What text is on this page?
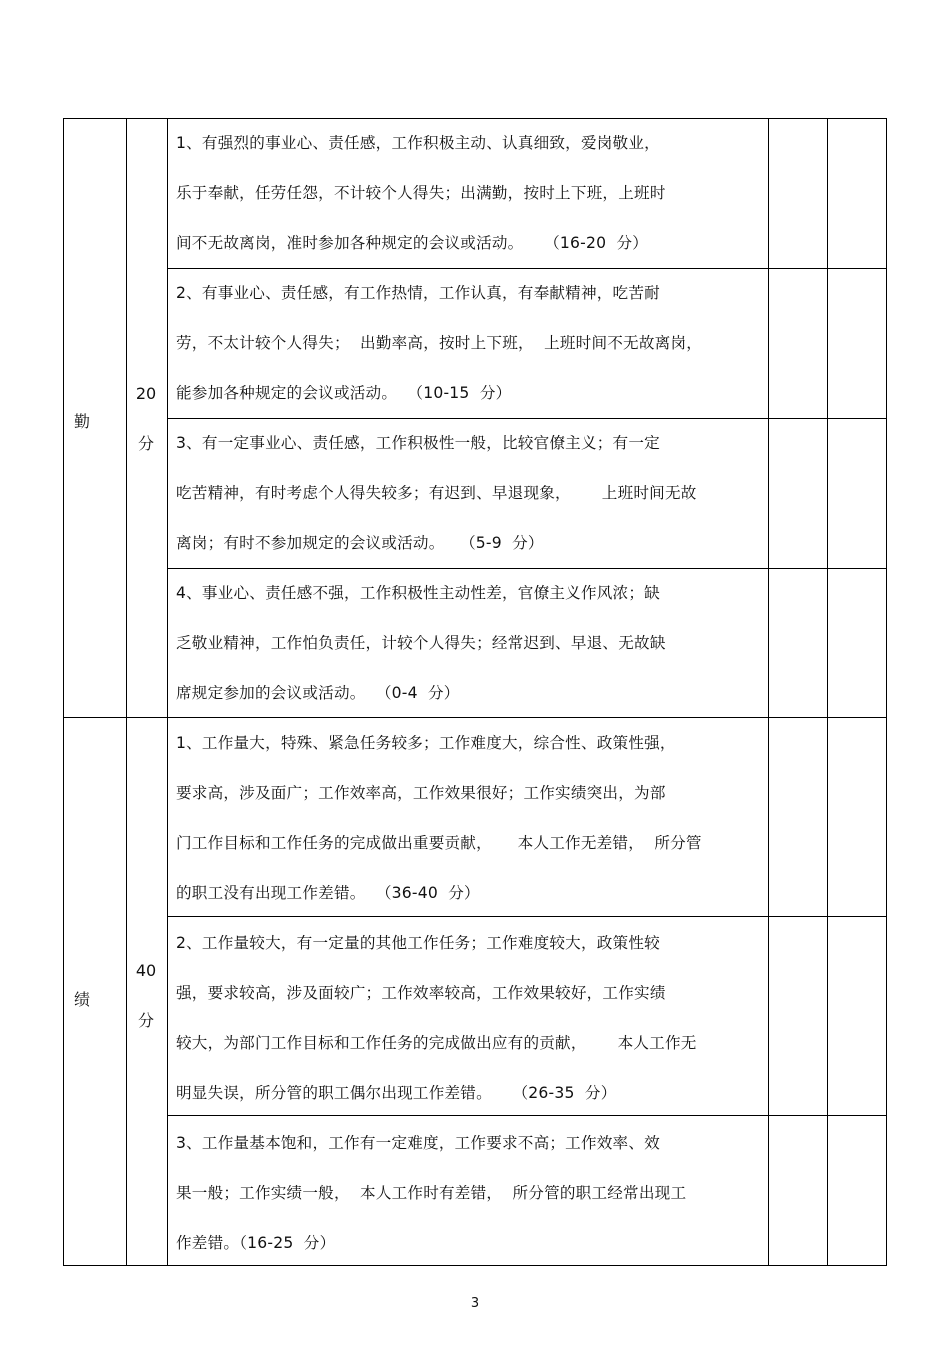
勤
20
分
1、有强烈的事业心、责任感，工作积极主动、认真细致，爱岗敬业，
乐于奉献，任劳任怨，不计较个人得失；出满勤，按时上下班，上班时
间不无故离岗，准时参加各种规定的会议或活动。    （16-20  分）
2、有事业心、责任感，有工作热情，工作认真，有奉献精神，吃苦耐
劳，不太计较个人得失；  出勤率高，按时上下班，  上班时间不无故离岗，
能参加各种规定的会议或活动。  （10-15  分）
3、有一定事业心、责任感，工作积极性一般，比较官僚主义；有一定
吃苦精神，有时考虑个人得失较多；有迟到、早退现象，      上班时间无故
离岗；有时不参加规定的会议或活动。   （5-9  分）
4、事业心、责任感不强，工作积极性主动性差，官僚主义作风浓；缺
乏敬业精神，工作怕负责任，计较个人得失；经常迟到、早退、无故缺
席规定参加的会议或活动。  （0-4  分）
绩
40
分
1、工作量大，特殊、紧急任务较多；工作难度大，综合性、政策性强，
要求高，涉及面广；工作效率高，工作效果很好；工作实绩突出，为部
门工作目标和工作任务的完成做出重要贡献，     本人工作无差错，  所分管
的职工没有出现工作差错。  （36-40  分）
2、工作量较大，有一定量的其他工作任务；工作难度较大，政策性较
强，要求较高，涉及面较广；工作效率较高，工作效果较好，工作实绩
较大，为部门工作目标和工作任务的完成做出应有的贡献，      本人工作无
明显失误，所分管的职工偶尔出现工作差错。    （26-35  分）
3、工作量基本饱和，工作有一定难度，工作要求不高；工作效率、效
果一般；工作实绩一般，  本人工作时有差错，  所分管的职工经常出现工
作差错。（16-25  分）
3
